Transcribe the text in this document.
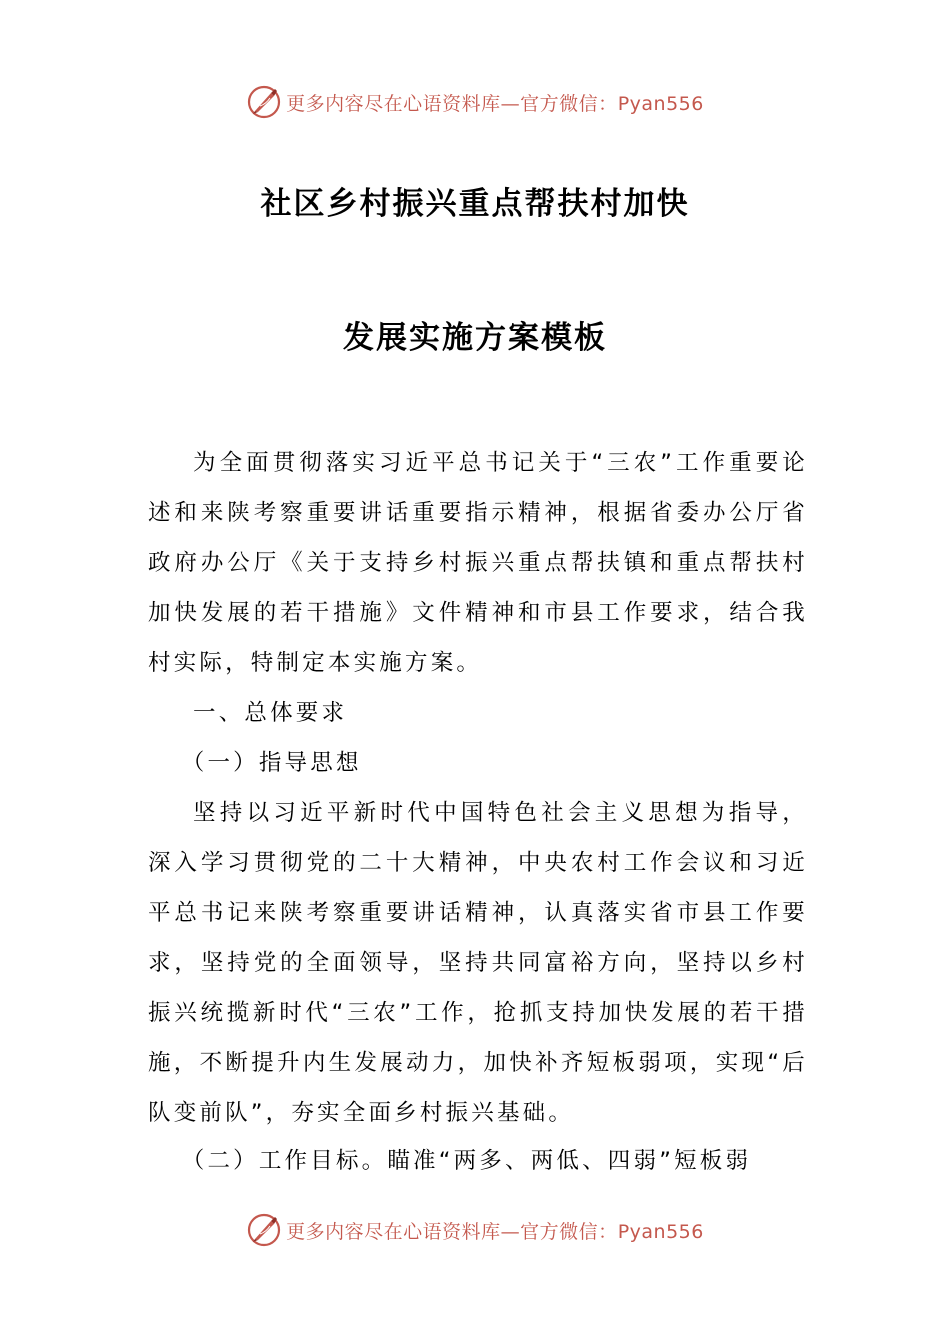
更多内容尽在心语资料库—官方微信：Pyan556
社区乡村振兴重点帮扶村加快
发展实施方案模板

为全面贯彻落实习近平总书记关于“三农”工作重要论述和来陕考察重要讲话重要指示精神，根据省委办公厅省政府办公厅《关于支持乡村振兴重点帮扶镇和重点帮扶村加快发展的若干措施》文件精神和市县工作要求，结合我村实际，特制定本实施方案。

一、总体要求

（一）指导思想

坚持以习近平新时代中国特色社会主义思想为指导，深入学习贯彻党的二十大精神，中央农村工作会议和习近平总书记来陕考察重要讲话精神，认真落实省市县工作要求，坚持党的全面领导，坚持共同富裕方向，坚持以乡村振兴统揽新时代“三农”工作，抢抓支持加快发展的若干措施，不断提升内生发展动力，加快补齐短板弱项，实现“后队变前队”，夯实全面乡村振兴基础。

（二）工作目标。瞄准“两多、两低、四弱”短板弱

更多内容尽在心语资料库—官方微信：Pyan556
